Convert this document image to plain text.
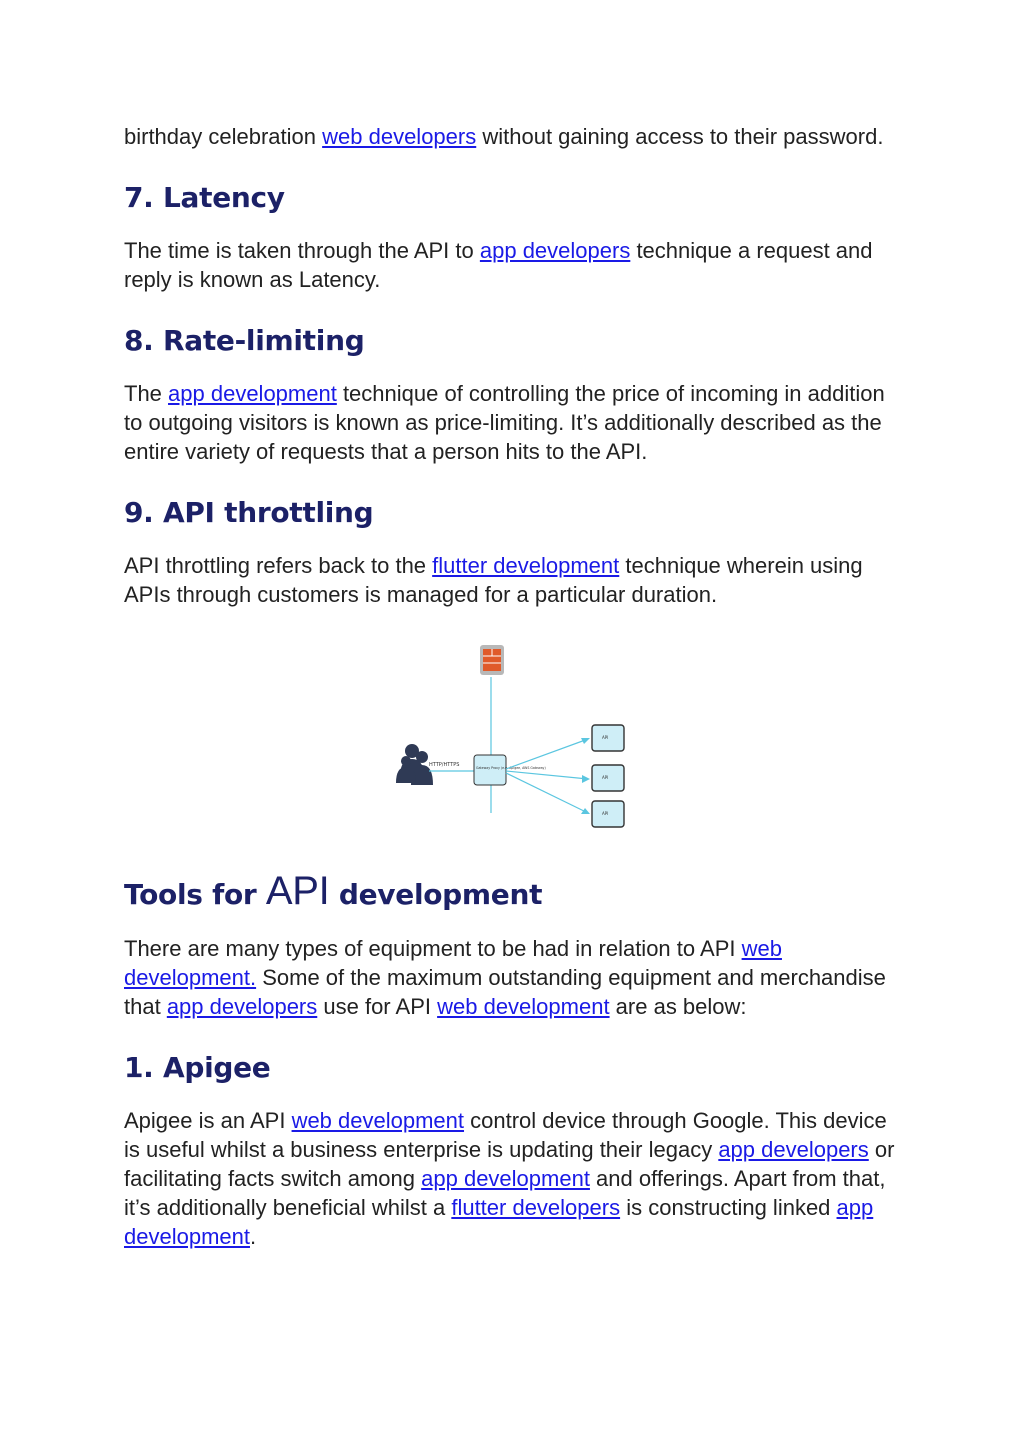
birthday celebration web developers without gaining access to their password.

7. Latency

The time is taken through the API to app developers technique a request and reply is known as Latency.

8. Rate-limiting

The app development technique of controlling the price of incoming in addition to outgoing visitors is known as price-limiting. It’s additionally described as the entire variety of requests that a person hits to the API.

9. API throttling

API throttling refers back to the flutter development technique wherein using APIs through customers is managed for a particular duration.

HTTP/HTTPS	Gateway Proxy (e.g. Apigee, AWS Gateway)
API
API
API
Tools for API development

There are many types of equipment to be had in relation to API web development. Some of the maximum outstanding equipment and merchandise that app developers use for API web development are as below:

1. Apigee

Apigee is an API web development control device through Google. This device is useful whilst a business enterprise is updating their legacy app developers or facilitating facts switch among app development and offerings. Apart from that, it’s additionally beneficial whilst a flutter developers is constructing linked app development.
